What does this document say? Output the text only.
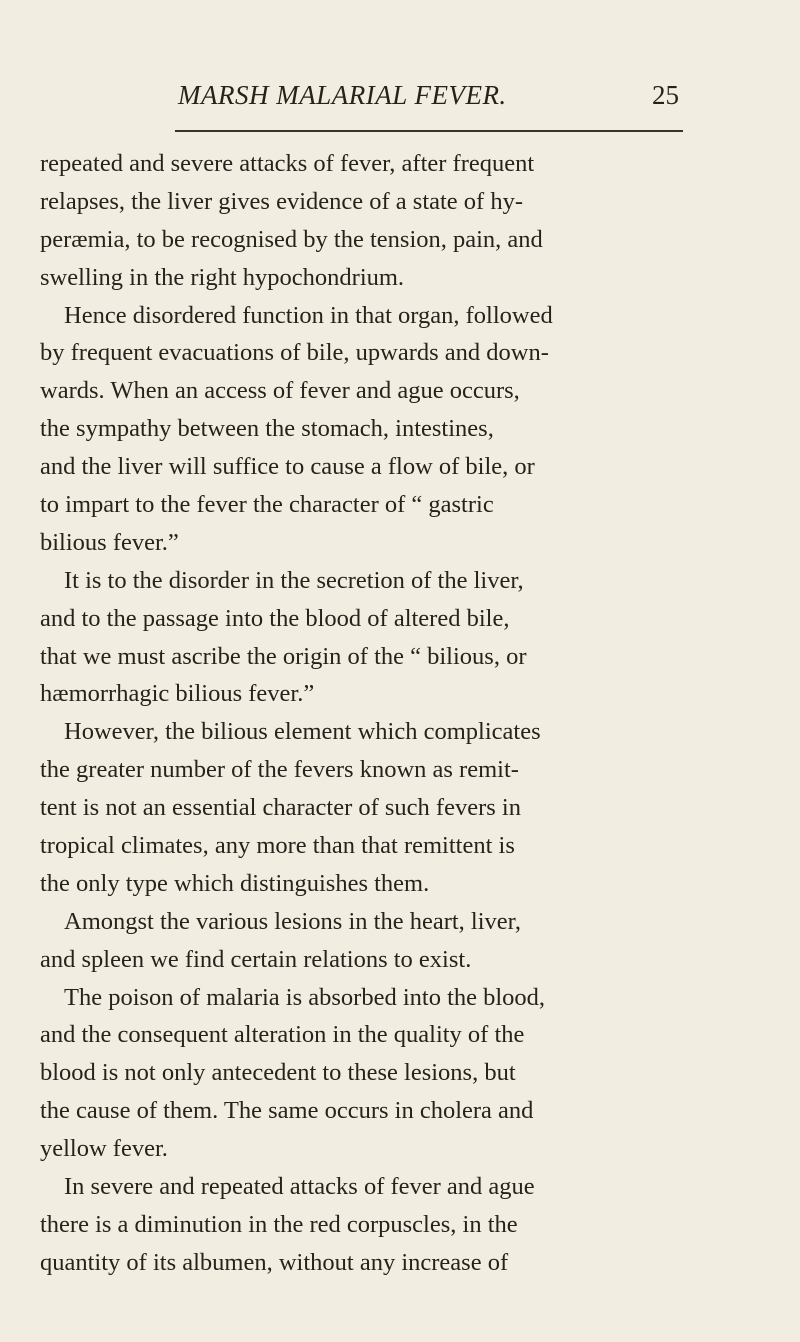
MARSH MALARIAL FEVER.	25
repeated and severe attacks of fever, after frequent
relapses, the liver gives evidence of a state of hy-
peræmia, to be recognised by the tension, pain, and
swelling in the right hypochondrium.
Hence disordered function in that organ, followed
by frequent evacuations of bile, upwards and down-
wards. When an access of fever and ague occurs,
the sympathy between the stomach, intestines,
and the liver will suffice to cause a flow of bile, or
to impart to the fever the character of “ gastric
bilious fever.”
It is to the disorder in the secretion of the liver,
and to the passage into the blood of altered bile,
that we must ascribe the origin of the “ bilious, or
hæmorrhagic bilious fever.”
However, the bilious element which complicates
the greater number of the fevers known as remit-
tent is not an essential character of such fevers in
tropical climates, any more than that remittent is
the only type which distinguishes them.
Amongst the various lesions in the heart, liver,
and spleen we find certain relations to exist.
The poison of malaria is absorbed into the blood,
and the consequent alteration in the quality of the
blood is not only antecedent to these lesions, but
the cause of them. The same occurs in cholera and
yellow fever.
In severe and repeated attacks of fever and ague
there is a diminution in the red corpuscles, in the
quantity of its albumen, without any increase of
